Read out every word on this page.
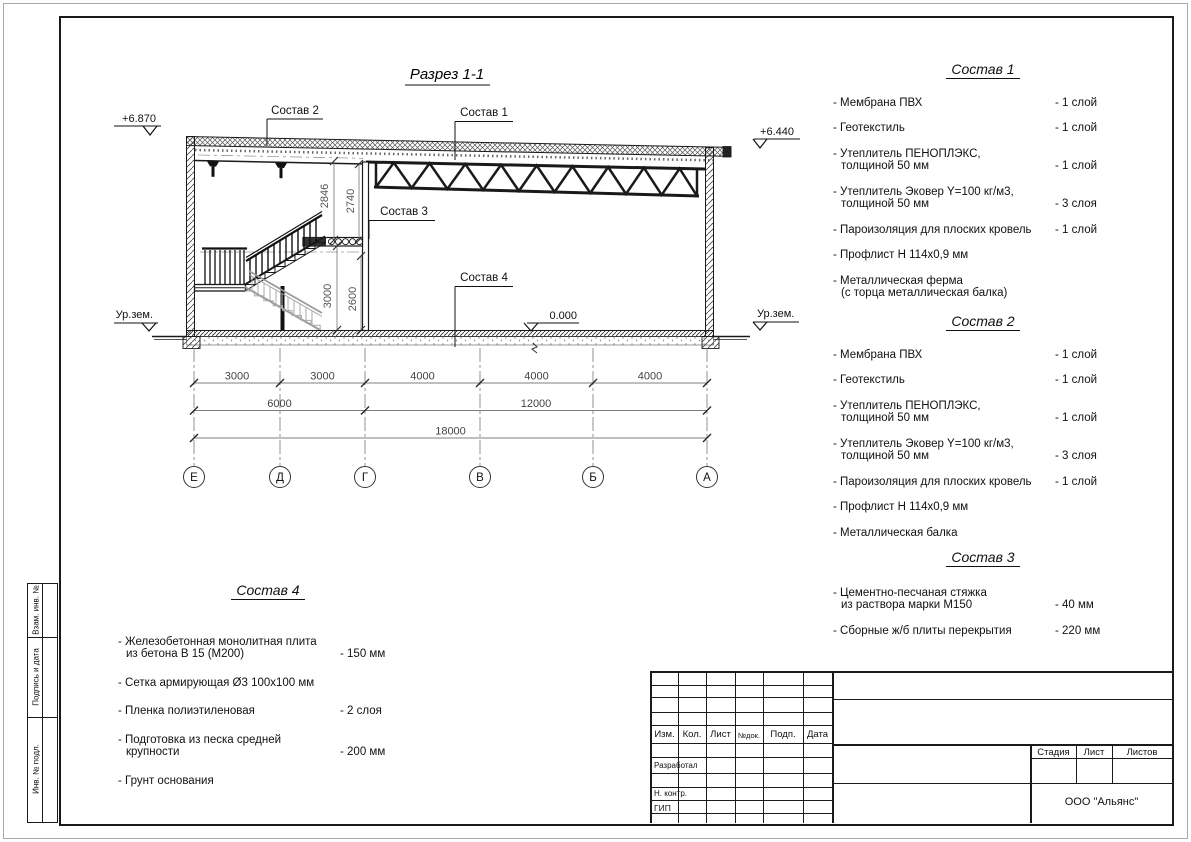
Разрез 1-1
+6.870
+6.440
0.000
Ур.зем.	Ур.зем.
Состав 2	Состав 1
Состав 3
Состав 4
2846 2740
3000 2600
3000	3000	4000	4000	4000
6000	12000
18000
Е	Д	Г	В	Б	А
Состав 1
- Мембрана ПВХ	- 1 слой
- Геотекстиль	- 1 слой
- Утеплитель ПЕНОПЛЭКС,
толщиной 50 мм	- 1 слой
- Утеплитель Эковер Y=100 кг/м3,
толщиной 50 мм	- 3 слоя
- Пароизоляция для плоских кровель	- 1 слой
- Профлист Н 114х0,9 мм
- Металлическая ферма
(с торца металлическая балка)
Состав 2
- Мембрана ПВХ	- 1 слой
- Геотекстиль	- 1 слой
- Утеплитель ПЕНОПЛЭКС,
толщиной 50 мм	- 1 слой
- Утеплитель Эковер Y=100 кг/м3,
толщиной 50 мм	- 3 слоя
- Пароизоляция для плоских кровель	- 1 слой
- Профлист Н 114х0,9 мм
- Металлическая балка
Состав 3
- Цементно-песчаная стяжка
из раствора марки М150	- 40 мм
- Сборные ж/б плиты перекрытия	- 220 мм
Состав 4
- Железобетонная монолитная плита
из бетона В 15 (М200)	- 150 мм
- Сетка армирующая Ø3 100х100 мм
- Пленка полиэтиленовая	- 2 слоя
- Подготовка из песка средней
крупности	- 200 мм
- Грунт основания
Изм. Кол. Лист №док.	Подп.	Дата
Разработал
Н. контр.
ГИП
Стадия	Лист	Листов
ООО "Альянс"
Взам. инв. №
Подпись и дата
Инв. № подл.
